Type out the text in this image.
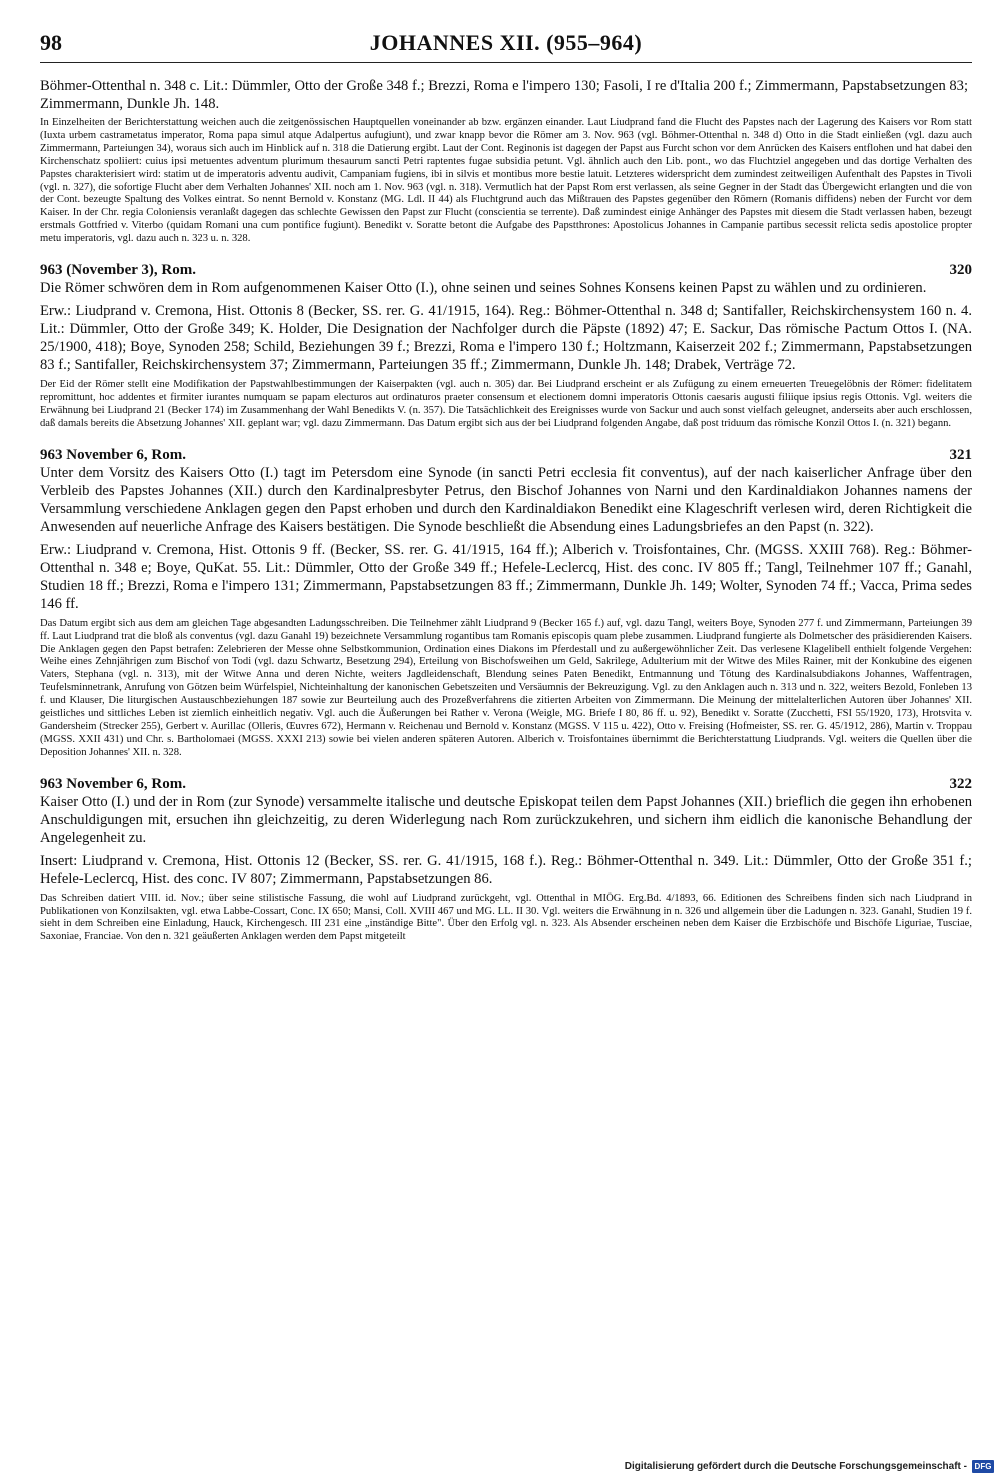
98	JOHANNES XII. (955–964)

Böhmer-Ottenthal n. 348 c. Lit.: Dümmler, Otto der Große 348 f.; Brezzi, Roma e l'impero 130; Fasoli, I re d'Italia 200 f.; Zimmermann, Papstabsetzungen 83; Zimmermann, Dunkle Jh. 148.

In Einzelheiten der Berichterstattung weichen auch die zeitgenössischen Hauptquellen voneinander ab bzw. ergänzen einander. Laut Liudprand fand die Flucht des Papstes nach der Lagerung des Kaisers vor Rom statt (Iuxta urbem castrametatus imperator, Roma papa simul atque Adalpertus aufugiunt), und zwar knapp bevor die Römer am 3. Nov. 963 (vgl. Böhmer-Ottenthal n. 348 d) Otto in die Stadt einließen (vgl. dazu auch Zimmermann, Parteiungen 34), woraus sich auch im Hinblick auf n. 318 die Datierung ergibt. Laut der Cont. Reginonis ist dagegen der Papst aus Furcht schon vor dem Anrücken des Kaisers entflohen und hat dabei den Kirchenschatz spoliiert: cuius ipsi metuentes adventum plurimum thesaurum sancti Petri raptentes fugae subsidia petunt. Vgl. ähnlich auch den Lib. pont., wo das Fluchtziel angegeben und das dortige Verhalten des Papstes charakterisiert wird: statim ut de imperatoris adventu audivit, Campaniam fugiens, ibi in silvis et montibus more bestie latuit. Letzteres widerspricht dem zumindest zeitweiligen Aufenthalt des Papstes in Tivoli (vgl. n. 327), die sofortige Flucht aber dem Verhalten Johannes' XII. noch am 1. Nov. 963 (vgl. n. 318). Vermutlich hat der Papst Rom erst verlassen, als seine Gegner in der Stadt das Übergewicht erlangten und die von der Cont. bezeugte Spaltung des Volkes eintrat. So nennt Bernold v. Konstanz (MG. Ldl. II 44) als Fluchtgrund auch das Mißtrauen des Papstes gegenüber den Römern (Romanis diffidens) neben der Furcht vor dem Kaiser. In der Chr. regia Coloniensis veranlaßt dagegen das schlechte Gewissen den Papst zur Flucht (conscientia se terrente). Daß zumindest einige Anhänger des Papstes mit diesem die Stadt verlassen haben, bezeugt erstmals Gottfried v. Viterbo (quidam Romani una cum pontifice fugiunt). Benedikt v. Soratte betont die Aufgabe des Papstthrones: Apostolicus Johannes in Campanie partibus secessit relicta sedis apostolice propter metu imperatoris, vgl. dazu auch n. 323 u. n. 328.

963 (November 3), Rom.	320

Die Römer schwören dem in Rom aufgenommenen Kaiser Otto (I.), ohne seinen und seines Sohnes Konsens keinen Papst zu wählen und zu ordinieren.

Erw.: Liudprand v. Cremona, Hist. Ottonis 8 (Becker, SS. rer. G. 41/1915, 164). Reg.: Böhmer-Ottenthal n. 348 d; Santifaller, Reichskirchensystem 160 n. 4. Lit.: Dümmler, Otto der Große 349; K. Holder, Die Designation der Nachfolger durch die Päpste (1892) 47; E. Sackur, Das römische Pactum Ottos I. (NA. 25/1900, 418); Boye, Synoden 258; Schild, Beziehungen 39 f.; Brezzi, Roma e l'impero 130 f.; Holtzmann, Kaiserzeit 202 f.; Zimmermann, Papstabsetzungen 83 f.; Santifaller, Reichskirchensystem 37; Zimmermann, Parteiungen 35 ff.; Zimmermann, Dunkle Jh. 148; Drabek, Verträge 72.

Der Eid der Römer stellt eine Modifikation der Papstwahlbestimmungen der Kaiserpakten (vgl. auch n. 305) dar. Bei Liudprand erscheint er als Zufügung zu einem erneuerten Treuegelöbnis der Römer: fidelitatem repromittunt, hoc addentes et firmiter iurantes numquam se papam electuros aut ordinaturos praeter consensum et electionem domni imperatoris Ottonis caesaris augusti filiique ipsius regis Ottonis. Vgl. weiters die Erwähnung bei Liudprand 21 (Becker 174) im Zusammenhang der Wahl Benedikts V. (n. 357). Die Tatsächlichkeit des Ereignisses wurde von Sackur und auch sonst vielfach geleugnet, anderseits aber auch erschlossen, daß damals bereits die Absetzung Johannes' XII. geplant war; vgl. dazu Zimmermann. Das Datum ergibt sich aus der bei Liudprand folgenden Angabe, daß post triduum das römische Konzil Ottos I. (n. 321) begann.

963 November 6, Rom.	321

Unter dem Vorsitz des Kaisers Otto (I.) tagt im Petersdom eine Synode (in sancti Petri ecclesia fit conventus), auf der nach kaiserlicher Anfrage über den Verbleib des Papstes Johannes (XII.) durch den Kardinalpresbyter Petrus, den Bischof Johannes von Narni und den Kardinaldiakon Johannes namens der Versammlung verschiedene Anklagen gegen den Papst erhoben und durch den Kardinaldiakon Benedikt eine Klageschrift verlesen wird, deren Richtigkeit die Anwesenden auf neuerliche Anfrage des Kaisers bestätigen. Die Synode beschließt die Absendung eines Ladungsbriefes an den Papst (n. 322).

Erw.: Liudprand v. Cremona, Hist. Ottonis 9 ff. (Becker, SS. rer. G. 41/1915, 164 ff.); Alberich v. Troisfontaines, Chr. (MGSS. XXIII 768). Reg.: Böhmer-Ottenthal n. 348 e; Boye, QuKat. 55. Lit.: Dümmler, Otto der Große 349 ff.; Hefele-Leclercq, Hist. des conc. IV 805 ff.; Tangl, Teilnehmer 107 ff.; Ganahl, Studien 18 ff.; Brezzi, Roma e l'impero 131; Zimmermann, Papstabsetzungen 83 ff.; Zimmermann, Dunkle Jh. 149; Wolter, Synoden 74 ff.; Vacca, Prima sedes 146 ff.

Das Datum ergibt sich aus dem am gleichen Tage abgesandten Ladungsschreiben. Die Teilnehmer zählt Liudprand 9 (Becker 165 f.) auf, vgl. dazu Tangl, weiters Boye, Synoden 277 f. und Zimmermann, Parteiungen 39 ff. Laut Liudprand trat die bloß als conventus (vgl. dazu Ganahl 19) bezeichnete Versammlung rogantibus tam Romanis episcopis quam plebe zusammen. Liudprand fungierte als Dolmetscher des präsidierenden Kaisers. Die Anklagen gegen den Papst betrafen: Zelebrieren der Messe ohne Selbstkommunion, Ordination eines Diakons im Pferdestall und zu außergewöhnlicher Zeit. Das verlesene Klagelibell enthielt folgende Vergehen: Weihe eines Zehnjährigen zum Bischof von Todi (vgl. dazu Schwartz, Besetzung 294), Erteilung von Bischofsweihen um Geld, Sakrilege, Adulterium mit der Witwe des Miles Rainer, mit der Konkubine des eigenen Vaters, Stephana (vgl. n. 313), mit der Witwe Anna und deren Nichte, weiters Jagdleidenschaft, Blendung seines Paten Benedikt, Entmannung und Tötung des Kardinalsubdiakons Johannes, Waffentragen, Teufelsminnetrank, Anrufung von Götzen beim Würfelspiel, Nichteinhaltung der kanonischen Gebetszeiten und Versäumnis der Bekreuzigung. Vgl. zu den Anklagen auch n. 313 und n. 322, weiters Bezold, Fonleben 13 f. und Klauser, Die liturgischen Austauschbeziehungen 187 sowie zur Beurteilung auch des Prozeßverfahrens die zitierten Arbeiten von Zimmermann. Die Meinung der mittelalterlichen Autoren über Johannes' XII. geistliches und sittliches Leben ist ziemlich einheitlich negativ. Vgl. auch die Äußerungen bei Rather v. Verona (Weigle, MG. Briefe I 80, 86 ff. u. 92), Benedikt v. Soratte (Zucchetti, FSI 55/1920, 173), Hrotsvita v. Gandersheim (Strecker 255), Gerbert v. Aurillac (Olleris, Œuvres 672), Hermann v. Reichenau und Bernold v. Konstanz (MGSS. V 115 u. 422), Otto v. Freising (Hofmeister, SS. rer. G. 45/1912, 286), Martin v. Troppau (MGSS. XXII 431) und Chr. s. Bartholomaei (MGSS. XXXI 213) sowie bei vielen anderen späteren Autoren. Alberich v. Troisfontaines übernimmt die Berichterstattung Liudprands. Vgl. weiters die Quellen über die Deposition Johannes' XII. n. 328.

963 November 6, Rom.	322

Kaiser Otto (I.) und der in Rom (zur Synode) versammelte italische und deutsche Episkopat teilen dem Papst Johannes (XII.) brieflich die gegen ihn erhobenen Anschuldigungen mit, ersuchen ihn gleichzeitig, zu deren Widerlegung nach Rom zurückzukehren, und sichern ihm eidlich die kanonische Behandlung der Angelegenheit zu.

Insert: Liudprand v. Cremona, Hist. Ottonis 12 (Becker, SS. rer. G. 41/1915, 168 f.). Reg.: Böhmer-Ottenthal n. 349. Lit.: Dümmler, Otto der Große 351 f.; Hefele-Leclercq, Hist. des conc. IV 807; Zimmermann, Papstabsetzungen 86.

Das Schreiben datiert VIII. id. Nov.; über seine stilistische Fassung, die wohl auf Liudprand zurückgeht, vgl. Ottenthal in MIÖG. Erg.Bd. 4/1893, 66. Editionen des Schreibens finden sich nach Liudprand in Publikationen von Konzilsakten, vgl. etwa Labbe-Cossart, Conc. IX 650; Mansi, Coll. XVIII 467 und MG. LL. II 30. Vgl. weiters die Erwähnung in n. 326 und allgemein über die Ladungen n. 323. Ganahl, Studien 19 f. sieht in dem Schreiben eine Einladung, Hauck, Kirchengesch. III 231 eine „inständige Bitte". Über den Erfolg vgl. n. 323. Als Absender erscheinen neben dem Kaiser die Erzbischöfe und Bischöfe Liguriae, Tusciae, Saxoniae, Franciae. Von den n. 321 geäußerten Anklagen werden dem Papst mitgeteilt

Digitalisierung gefördert durch die Deutsche Forschungsgemeinschaft - DFG
